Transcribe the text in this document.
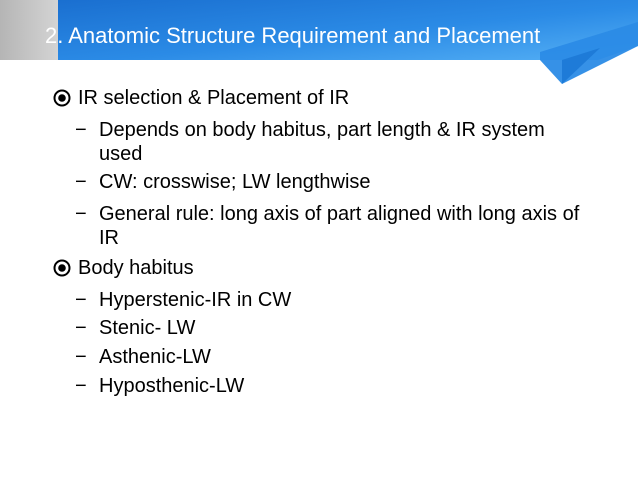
2. Anatomic Structure Requirement and Placement
IR selection & Placement of IR
− Depends on body habitus, part length & IR system
used
− CW: crosswise; LW lengthwise
− General rule: long axis of part aligned with long axis of
IR
Body habitus
− Hyperstenic-IR in CW
− Stenic- LW
− Asthenic-LW
− Hyposthenic-LW
